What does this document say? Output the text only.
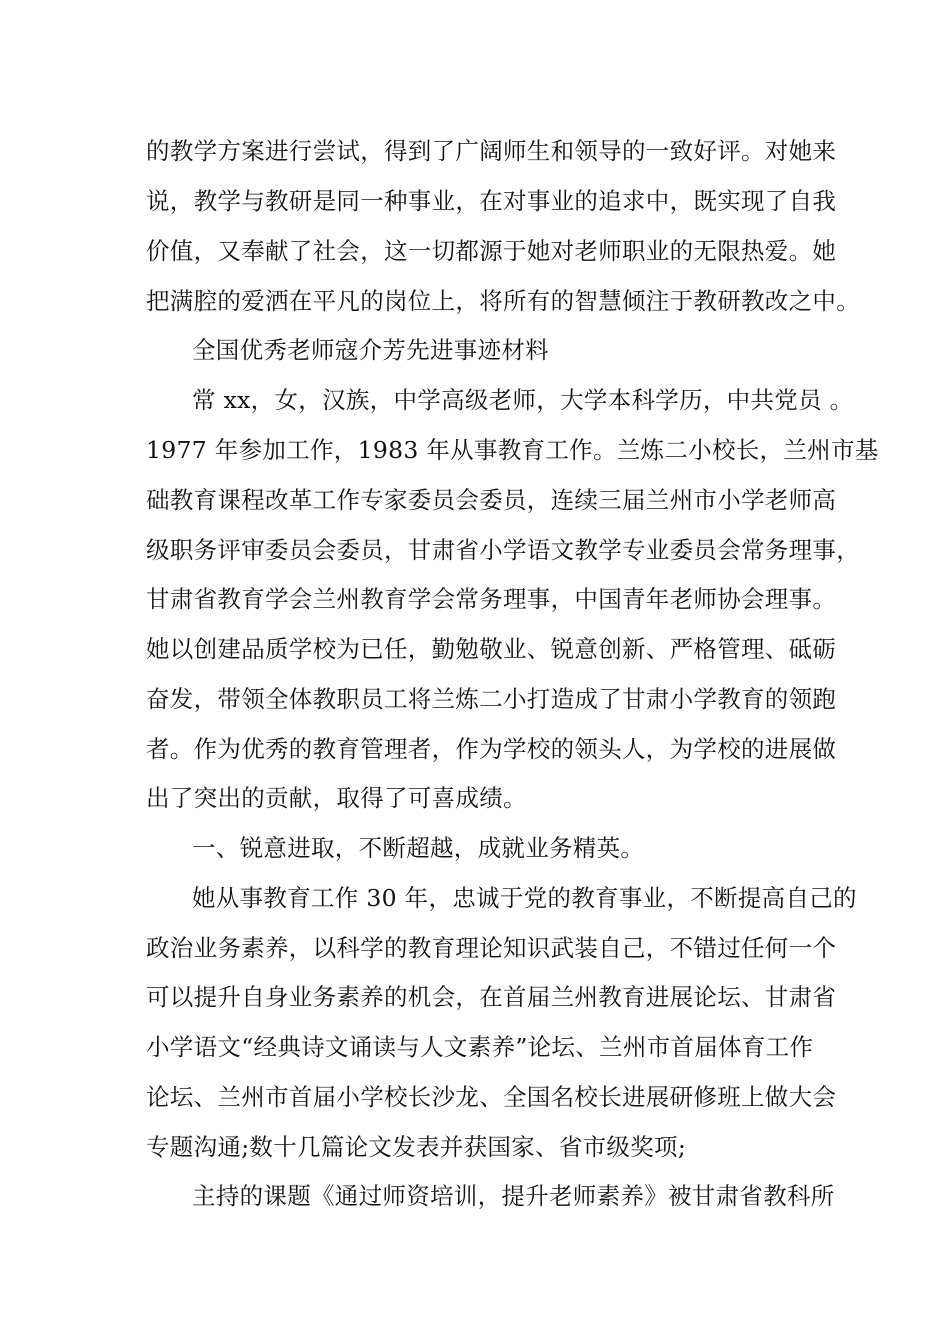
的教学方案进行尝试，得到了广阔师生和领导的一致好评。对她来
说，教学与教研是同一种事业，在对事业的追求中，既实现了自我
价值，又奉献了社会，这一切都源于她对老师职业的无限热爱。她
把满腔的爱洒在平凡的岗位上，将所有的智慧倾注于教研教改之中。
全国优秀老师寇介芳先进事迹材料
常 xx，女，汉族，中学高级老师，大学本科学历，中共党员 。
1977 年参加工作，1983 年从事教育工作。兰炼二小校长，兰州市基
础教育课程改革工作专家委员会委员，连续三届兰州市小学老师高
级职务评审委员会委员，甘肃省小学语文教学专业委员会常务理事，
甘肃省教育学会兰州教育学会常务理事，中国青年老师协会理事。
她以创建品质学校为已任，勤勉敬业、锐意创新、严格管理、砥砺
奋发，带领全体教职员工将兰炼二小打造成了甘肃小学教育的领跑
者。作为优秀的教育管理者，作为学校的领头人，为学校的进展做
出了突出的贡献，取得了可喜成绩。
一、锐意进取，不断超越，成就业务精英。
她从事教育工作 30 年，忠诚于党的教育事业，不断提高自己的
政治业务素养，以科学的教育理论知识武装自己，不错过任何一个
可以提升自身业务素养的机会，在首届兰州教育进展论坛、甘肃省
小学语文“经典诗文诵读与人文素养”论坛、兰州市首届体育工作
论坛、兰州市首届小学校长沙龙、全国名校长进展研修班上做大会
专题沟通;数十几篇论文发表并获国家、省市级奖项;
主持的课题《通过师资培训，提升老师素养》被甘肃省教科所
